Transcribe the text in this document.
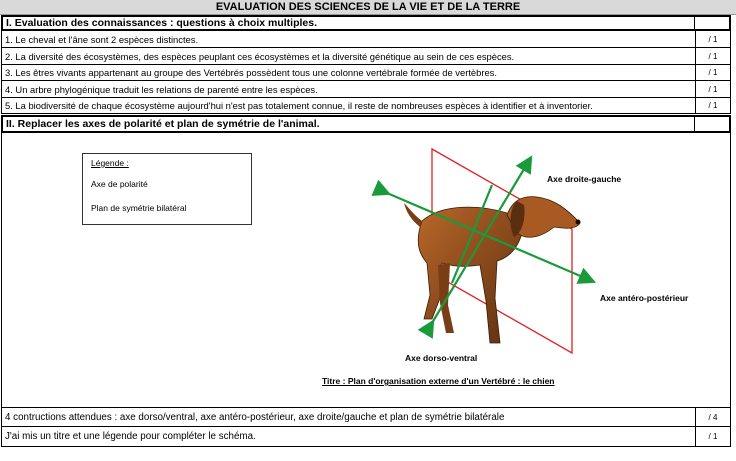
EVALUATION DES SCIENCES DE LA VIE ET DE LA TERRE
I. Evaluation des connaissances : questions à choix multiples.
1. Le cheval et l'âne sont 2 espèces distinctes.	/ 1
2. La diversité des écosystèmes, des espèces peuplant ces écosystèmes et la diversité génétique au sein de ces espèces.	/ 1
3. Les êtres vivants appartenant au groupe des Vertébrés possèdent tous une colonne vertébrale formée de vertèbres.	/ 1
4. Un arbre phylogénique traduit les relations de parenté entre les espèces.	/ 1
5. La biodiversité de chaque écosystème aujourd'hui n'est pas totalement connue, il reste de nombreuses espèces à identifier et à inventorier.	/ 1
II. Replacer les axes de polarité et plan de symétrie de l'animal.
Légende :
Axe de polarité
Plan de symétrie bilatéral
Axe droite-gauche
Axe antéro-postérieur
Axe dorso-ventral
Titre : Plan d'organisation externe d'un Vertébré : le chien
4 contructions attendues : axe dorso/ventral, axe antéro-postérieur, axe droite/gauche et plan de symétrie bilatérale	/ 4
J'ai mis un titre et une légende pour compléter le schéma.	/ 1
